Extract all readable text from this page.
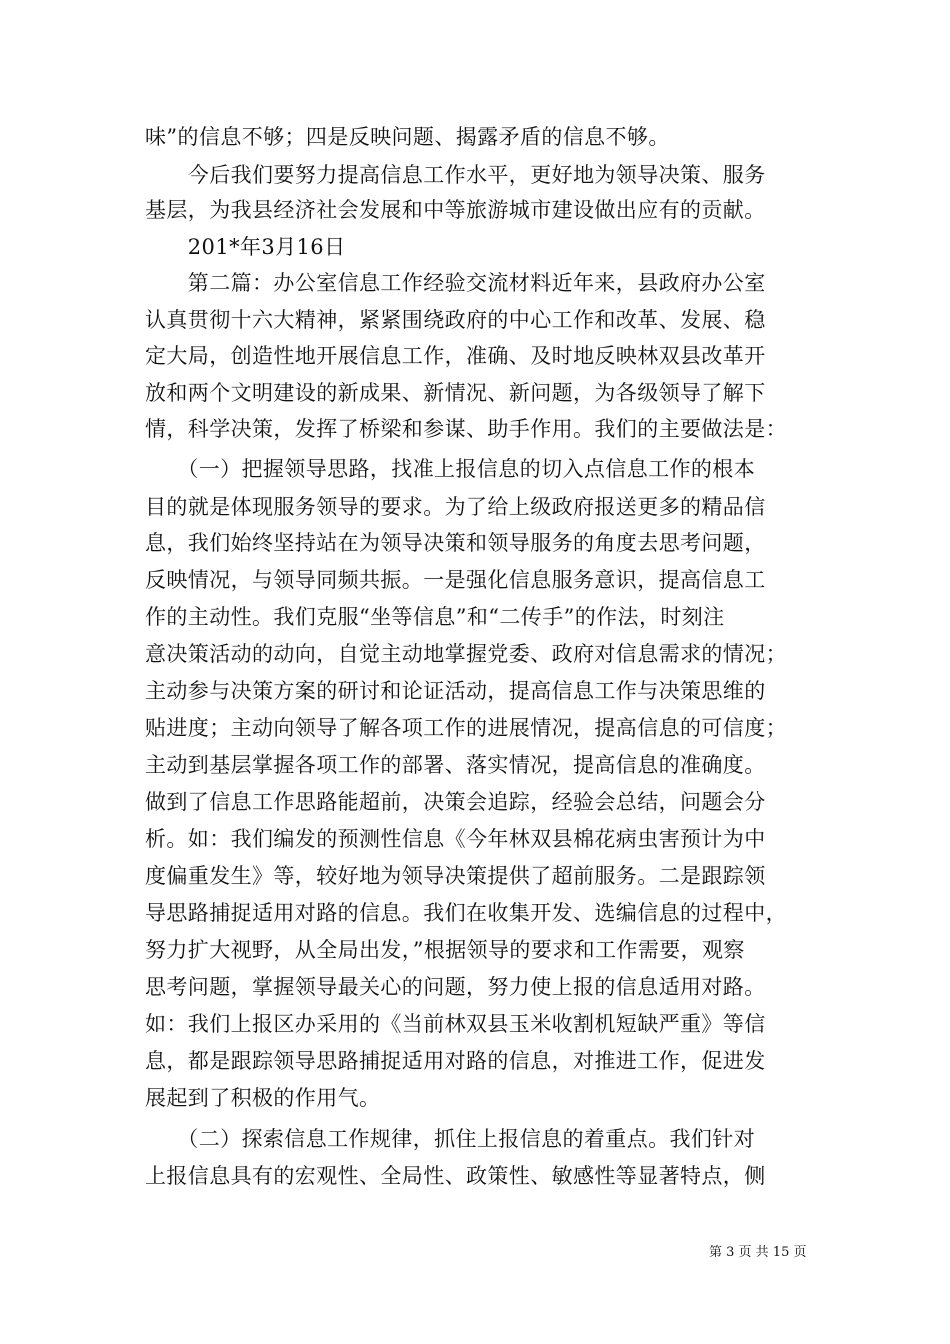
味”的信息不够；四是反映问题、揭露矛盾的信息不够。
　　今后我们要努力提高信息工作水平，更好地为领导决策、服务
基层，为我县经济社会发展和中等旅游城市建设做出应有的贡献。
　　201*年3月16日
　　第二篇：办公室信息工作经验交流材料近年来，县政府办公室
认真贯彻十六大精神，紧紧围绕政府的中心工作和改革、发展、稳
定大局，创造性地开展信息工作，准确、及时地反映林双县改革开
放和两个文明建设的新成果、新情况、新问题，为各级领导了解下
情，科学决策，发挥了桥梁和参谋、助手作用。我们的主要做法是：
　　（一）把握领导思路，找准上报信息的切入点信息工作的根本
目的就是体现服务领导的要求。为了给上级政府报送更多的精品信
息，我们始终坚持站在为领导决策和领导服务的角度去思考问题，
反映情况，与领导同频共振。一是强化信息服务意识，提高信息工
作的主动性。我们克服“坐等信息”和“二传手”的作法，时刻注
意决策活动的动向，自觉主动地掌握党委、政府对信息需求的情况；
主动参与决策方案的研讨和论证活动，提高信息工作与决策思维的
贴进度；主动向领导了解各项工作的进展情况，提高信息的可信度；
主动到基层掌握各项工作的部署、落实情况，提高信息的准确度。
做到了信息工作思路能超前，决策会追踪，经验会总结，问题会分
析。如：我们编发的预测性信息《今年林双县棉花病虫害预计为中
度偏重发生》等，较好地为领导决策提供了超前服务。二是跟踪领
导思路捕捉适用对路的信息。我们在收集开发、选编信息的过程中，
努力扩大视野，从全局出发，”根据领导的要求和工作需要，观察
思考问题，掌握领导最关心的问题，努力使上报的信息适用对路。
如：我们上报区办采用的《当前林双县玉米收割机短缺严重》等信
息，都是跟踪领导思路捕捉适用对路的信息，对推进工作，促进发
展起到了积极的作用气。
　　（二）探索信息工作规律，抓住上报信息的着重点。我们针对
上报信息具有的宏观性、全局性、政策性、敏感性等显著特点，侧
第 3 页 共 15 页
